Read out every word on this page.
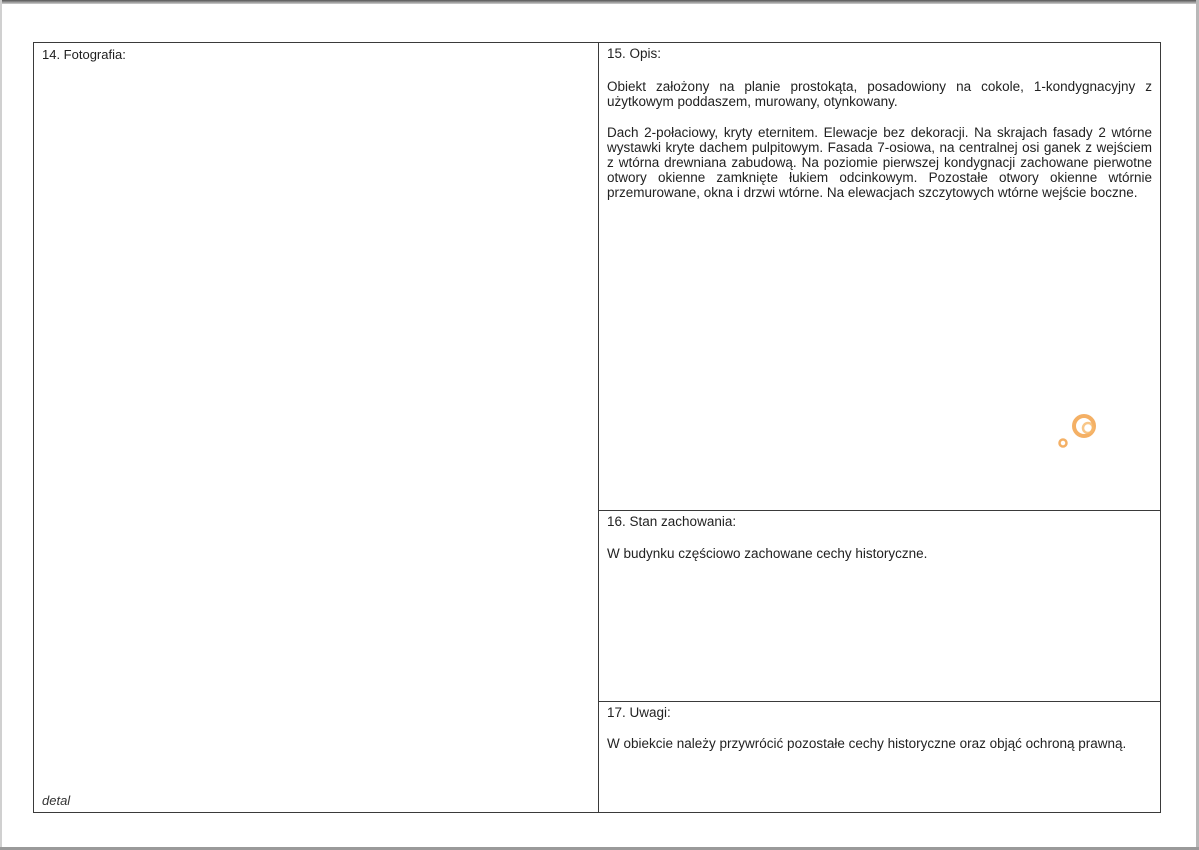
14. Fotografia:
detal
15. Opis:

Obiekt założony na planie prostokąta, posadowiony na cokole, 1-kondygnacyjny z użytkowym poddaszem, murowany, otynkowany.

Dach 2-połaciowy, kryty eternitem. Elewacje bez dekoracji. Na skrajach fasady 2 wtórne wystawki kryte dachem pulpitowym. Fasada 7-osiowa, na centralnej osi ganek z wejściem z wtórna drewniana zabudową. Na poziomie pierwszej kondygnacji zachowane pierwotne otwory okienne zamknięte łukiem odcinkowym. Pozostałe otwory okienne wtórnie przemurowane, okna i drzwi wtórne. Na elewacjach szczytowych wtórne wejście boczne.

16. Stan zachowania:

W budynku częściowo zachowane cechy historyczne.

17. Uwagi:

W obiekcie należy przywrócić pozostałe cechy historyczne oraz objąć ochroną prawną.
